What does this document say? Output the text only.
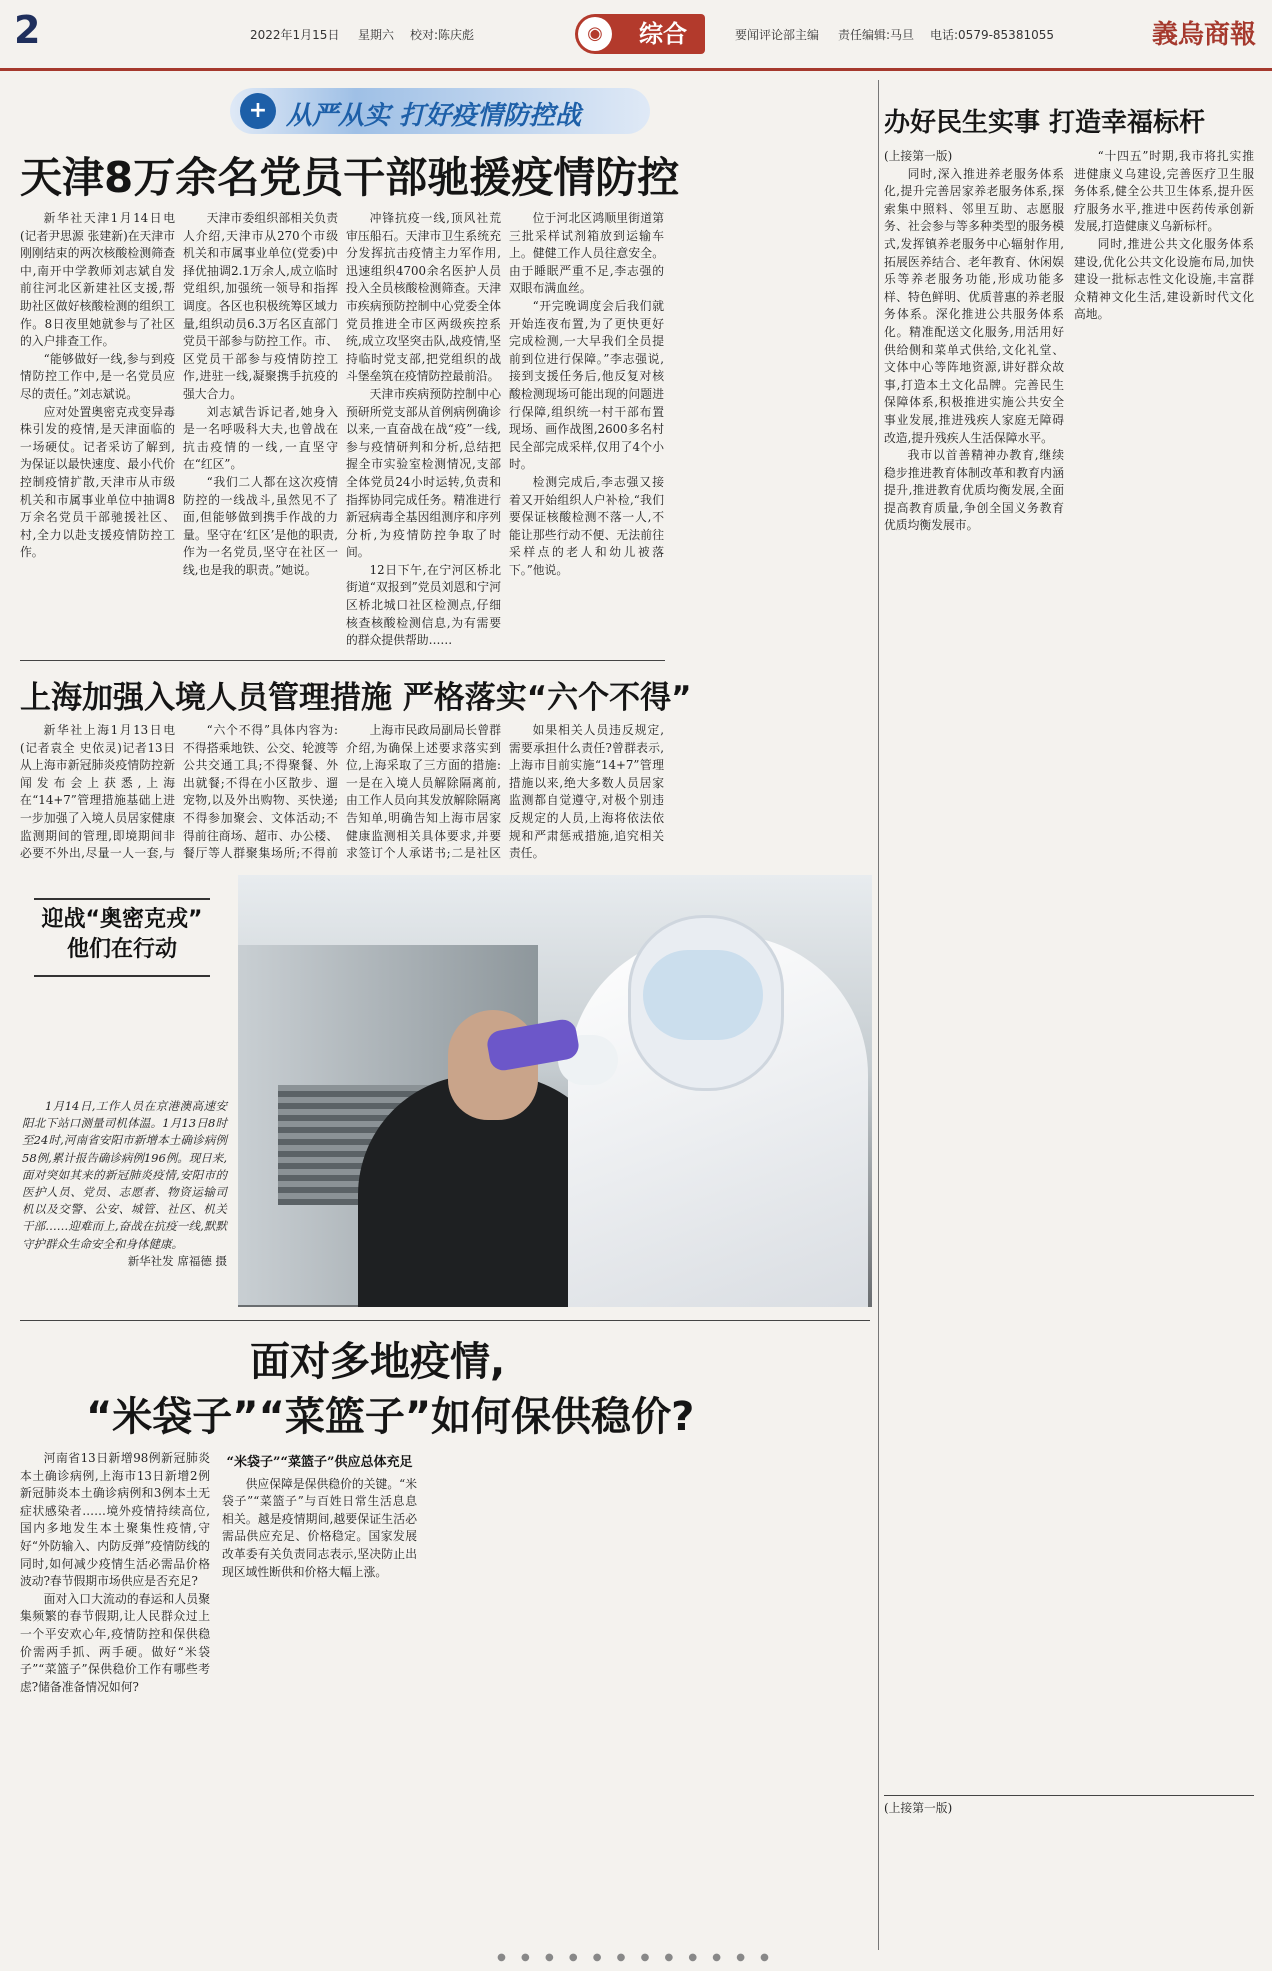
2	2022年1月15日 星期六 校对:陈庆彪	◉	综合	要闻评论部主编 责任编辑:马旦 电话:0579-85381055	義烏商報
+ 从严从实 打好疫情防控战
天津8万余名党员干部驰援疫情防控

新华社天津1月14日电(记者尹思源 张建新)在天津市刚刚结束的两次核酸检测筛查中,南开中学教师刘志斌自发前往河北区新建社区支援,帮助社区做好核酸检测的组织工作。8日夜里她就参与了社区的入户排查工作。

“能够做好一线,参与到疫情防控工作中,是一名党员应尽的责任。”刘志斌说。

应对处置奥密克戎变异毒株引发的疫情,是天津面临的一场硬仗。记者采访了解到,为保证以最快速度、最小代价控制疫情扩散,天津市从市级机关和市属事业单位中抽调8万余名党员干部驰援社区、村,全力以赴支援疫情防控工作。

天津市委组织部相关负责人介绍,天津市从270个市级机关和市属事业单位(党委)中择优抽调2.1万余人,成立临时党组织,加强统一领导和指挥调度。各区也积极统筹区域力量,组织动员6.3万名区直部门党员干部参与防控工作。市、区党员干部参与疫情防控工作,进驻一线,凝聚携手抗疫的强大合力。

刘志斌告诉记者,她身入是一名呼吸科大夫,也曾战在抗击疫情的一线,一直坚守在“红区”。

“我们二人都在这次疫情防控的一线战斗,虽然见不了面,但能够做到携手作战的力量。坚守在‘红区’是他的职责,作为一名党员,坚守在社区一线,也是我的职责。”她说。

冲锋抗疫一线,顶风社荒审压船石。天津市卫生系统充分发挥抗击疫情主力军作用,迅速组织4700余名医护人员投入全员核酸检测筛查。天津市疾病预防控制中心党委全体党员推进全市区两级疾控系统,成立攻坚突击队,战疫情,坚持临时党支部,把党组织的战斗堡垒筑在疫情防控最前沿。

天津市疾病预防控制中心预研所党支部从首例病例确诊以来,一直奋战在战“疫”一线,参与疫情研判和分析,总结把握全市实验室检测情况,支部全体党员24小时运转,负责和指挥协同完成任务。精准进行新冠病毒全基因组测序和序列分析,为疫情防控争取了时间。

12日下午,在宁河区桥北街道“双报到”党员刘恩和宁河区桥北城口社区检测点,仔细核查核酸检测信息,为有需要的群众提供帮助……

位于河北区鸿顺里街道第三批采样试剂箱放到运输车上。健健工作人员往意安全。由于睡眠严重不足,李志强的双眼布满血丝。

“开完晚调度会后我们就开始连夜布置,为了更快更好完成检测,一大早我们全员提前到位进行保障。”李志强说,接到支援任务后,他反复对核酸检测现场可能出现的问题进行保障,组织统一村干部布置现场、画作战图,2600多名村民全部完成采样,仅用了4个小时。

检测完成后,李志强又接着又开始组织人户补检,“我们要保证核酸检测不落一人,不能让那些行动不便、无法前往采样点的老人和幼儿被落下。”他说。

上海加强入境人员管理措施 严格落实“六个不得”

新华社上海1月13日电(记者袁全 史依灵)记者13日从上海市新冠肺炎疫情防控新闻发布会上获悉,上海在“14+7”管理措施基础上进一步加强了入境人员居家健康监测期间的管理,即境期间非必要不外出,尽量一人一套,与

“六个不得”具体内容为:不得搭乘地铁、公交、轮渡等公共交通工具;不得聚餐、外出就餐;不得在小区散步、遛宠物,以及外出购物、买快递;不得参加聚会、文体活动;不得前往商场、超市、办公楼、餐厅等人群聚集场所;不得前

上海市民政局副局长曾群介绍,为确保上述要求落实到位,上海采取了三方面的措施:一是在入境人员解除隔离前,由工作人员向其发放解除隔离告知单,明确告知上海市居家健康监测相关具体要求,并要求签订个人承诺书;二是社区

如果相关人员违反规定,需要承担什么责任?曾群表示,上海市目前实施“14+7”管理措施以来,绝大多数人员居家监测都自觉遵守,对极个别违反规定的人员,上海将依法依规和严肃惩戒措施,追究相关责任。

迎战“奥密克戎”
他们在行动

1月14日,工作人员在京港澳高速安阳北下站口测量司机体温。1月13日8时至24时,河南省安阳市新增本土确诊病例58例,累计报告确诊病例196例。现日来,面对突如其来的新冠肺炎疫情,安阳市的医护人员、党员、志愿者、物资运输司机以及交警、公安、城管、社区、机关干部……迎难而上,奋战在抗疫一线,默默守护群众生命安全和身体健康。

新华社发 席福德 摄
面对多地疫情,
“米袋子”“菜篮子”如何保供稳价?

河南省13日新增98例新冠肺炎本土确诊病例,上海市13日新增2例新冠肺炎本土确诊病例和3例本土无症状感染者……境外疫情持续高位,国内多地发生本土聚集性疫情,守好“外防输入、内防反弹”疫情防线的同时,如何减少疫情生活必需品价格波动?春节假期市场供应是否充足?

面对入口大流动的春运和人员聚集频繁的春节假期,让人民群众过上一个平安欢心年,疫情防控和保供稳价需两手抓、两手硬。做好“米袋子”“菜篮子”保供稳价工作有哪些考虑?储备准备情况如何?

“米袋子”“菜篮子”供应总体充足

供应保障是保供稳价的关键。“米袋子”“菜篮子”与百姓日常生活息息相关。越是疫情期间,越要保证生活必需品供应充足、价格稳定。国家发展改革委有关负责同志表示,坚决防止出现区域性断供和价格大幅上涨。

办好民生实事 打造幸福标杆
(上接第一版)

同时,深入推进养老服务体系化,提升完善居家养老服务体系,探索集中照料、邻里互助、志愿服务、社会参与等多种类型的服务模式,发挥镇养老服务中心辐射作用,拓展医养结合、老年教育、休闲娱乐等养老服务功能,形成功能多样、特色鲜明、优质普惠的养老服务体系。深化推进公共服务体系化。精准配送文化服务,用活用好供给侧和菜单式供给,文化礼堂、文体中心等阵地资源,讲好群众故事,打造本土文化品牌。完善民生保障体系,积极推进实施公共安全事业发展,推进残疾人家庭无障碍改造,提升残疾人生活保障水平。

我市以首善精神办教育,继续稳步推进教育体制改革和教育内涵提升,推进教育优质均衡发展,全面提高教育质量,争创全国义务教育优质均衡发展市。

“十四五”时期,我市将扎实推进健康义乌建设,完善医疗卫生服务体系,健全公共卫生体系,提升医疗服务水平,推进中医药传承创新发展,打造健康义乌新标杆。

同时,推进公共文化服务体系建设,优化公共文化设施布局,加快建设一批标志性文化设施,丰富群众精神文化生活,建设新时代文化高地。

(上接第一版)
● ● ● ● ● ● ● ● ● ● ● ●
